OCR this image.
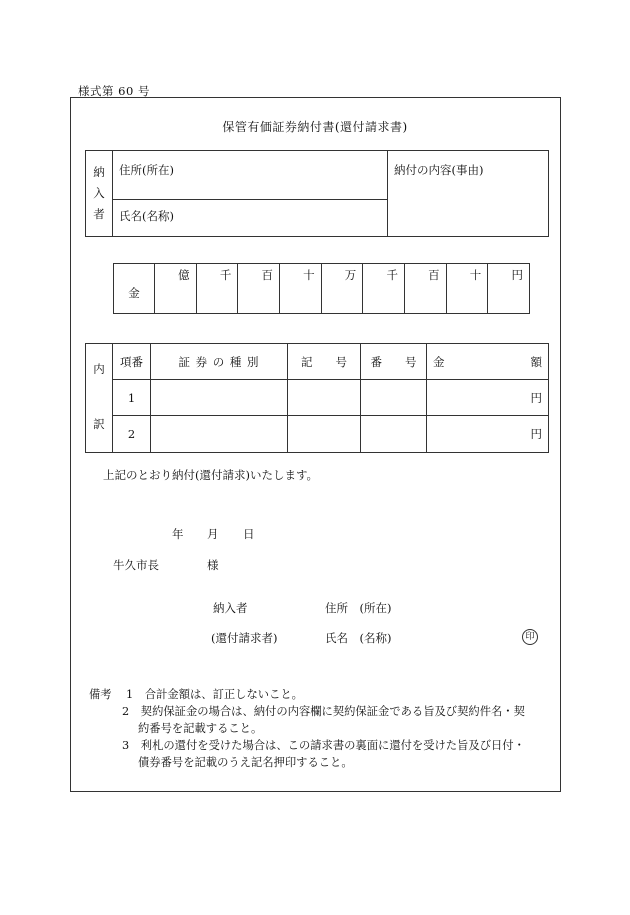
様式第 60 号
保管有価証券納付書(還付請求書)
納
入
者
	住所(所在)	納付の内容(事由)
氏名(名称)
金	億	千	百	十	万	千	百	十	円
内	項番	証 券 の 種 別	記　　号	番　　号	金 額

	1				円
訳	2				円
上記のとおり納付(還付請求)いたします。
年 月 日
牛久市長	様
納入者	住所　(所在)
(還付請求者)	氏名　(名称)	印
備考 1 合計金額は、訂正しないこと。
2 契約保証金の場合は、納付の内容欄に契約保証金である旨及び契約件名・契
約番号を記載すること。
3 利札の還付を受けた場合は、この請求書の裏面に還付を受けた旨及び日付・
債券番号を記載のうえ記名押印すること。
